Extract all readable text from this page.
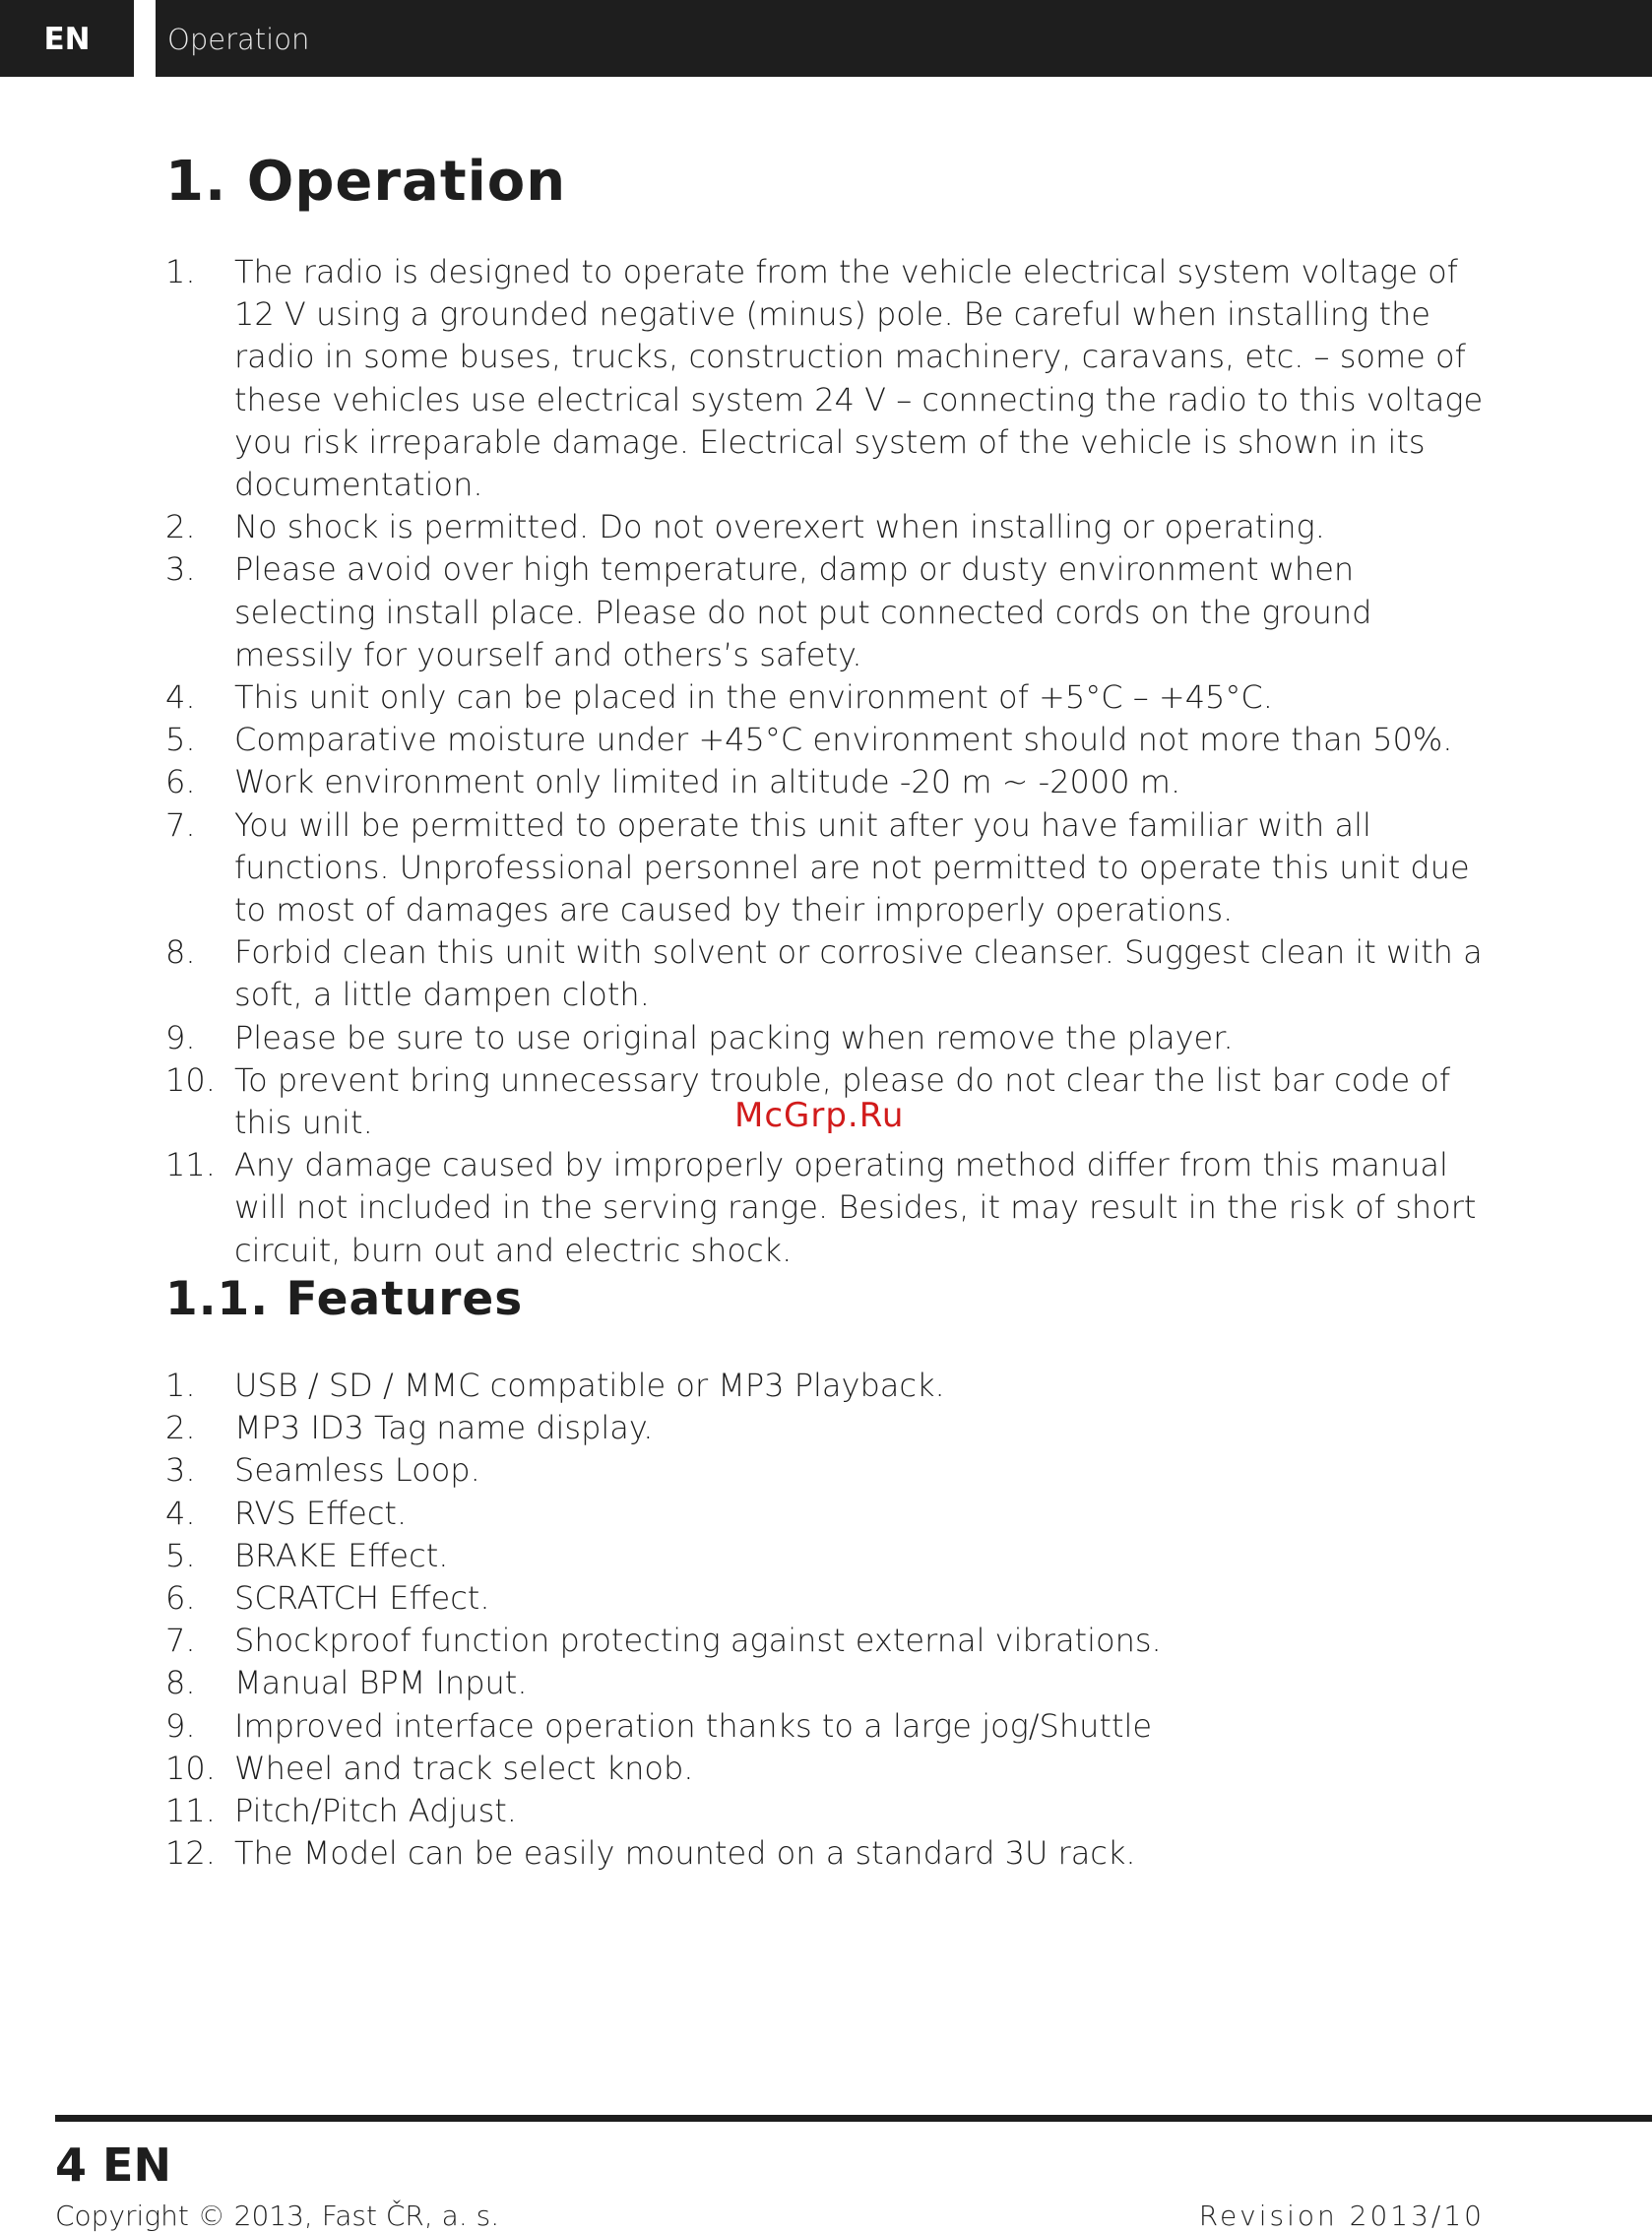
EN	Operation
1. Operation
1. The radio is designed to operate from the vehicle electrical system voltage of 12 V using a grounded negative (minus) pole. Be careful when installing the radio in some buses, trucks, construction machinery, caravans, etc. – some of these vehicles use electrical system 24 V – connecting the radio to this voltage you risk irreparable damage. Electrical system of the vehicle is shown in its documentation.
2. No shock is permitted. Do not overexert when installing or operating.
3. Please avoid over high temperature, damp or dusty environment when selecting install place. Please do not put connected cords on the ground messily for yourself and others’s safety.
4. This unit only can be placed in the environment of +5°C – +45°C.
5. Comparative moisture under +45°C environment should not more than 50%.
6. Work environment only limited in altitude -20 m ~ -2000 m.
7. You will be permitted to operate this unit after you have familiar with all functions. Unprofessional personnel are not permitted to operate this unit due to most of damages are caused by their improperly operations.
8. Forbid clean this unit with solvent or corrosive cleanser. Suggest clean it with a soft, a little dampen cloth.
9. Please be sure to use original packing when remove the player.
10. To prevent bring unnecessary trouble, please do not clear the list bar code of this unit.
11. Any damage caused by improperly operating method differ from this manual will not included in the serving range. Besides, it may result in the risk of short circuit, burn out and electric shock.
McGrp.Ru
1.1. Features
1. USB / SD / MMC compatible or MP3 Playback.
2. MP3 ID3 Tag name display.
3. Seamless Loop.
4. RVS Effect.
5. BRAKE Effect.
6. SCRATCH Effect.
7. Shockproof function protecting against external vibrations.
8. Manual BPM Input.
9. Improved interface operation thanks to a large jog/Shuttle
10. Wheel and track select knob.
11. Pitch/Pitch Adjust.
12. The Model can be easily mounted on a standard 3U rack.
4 EN
Copyright © 2013, Fast ČR, a. s.	Revision 2013/10
